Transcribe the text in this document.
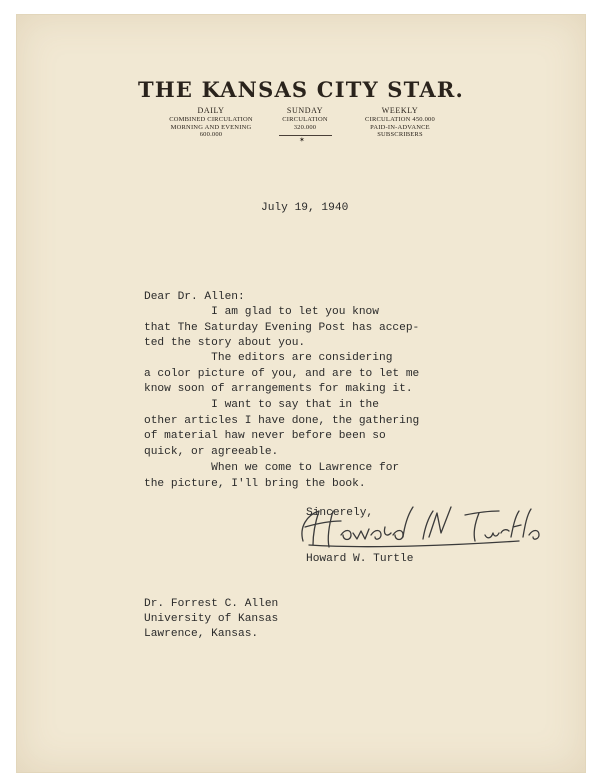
THE KANSAS CITY STAR.
DAILY
COMBINED CIRCULATION
MORNING AND EVENING
600.000
SUNDAY
CIRCULATION
320.000
✶
WEEKLY
CIRCULATION 450.000
PAID-IN-ADVANCE
SUBSCRIBERS
July 19, 1940
Dear Dr. Allen:
I am glad to let you know
that The Saturday Evening Post has accep-
ted the story about you.
The editors are considering
a color picture of you, and are to let me
know soon of arrangements for making it.
I want to say that in the
other articles I have done, the gathering
of material haw never before been so
quick, or agreeable.
When we come to Lawrence for
the picture, I'll bring the book.
Sincerely,
Howard W. Turtle
Dr. Forrest C. Allen
University of Kansas
Lawrence, Kansas.
